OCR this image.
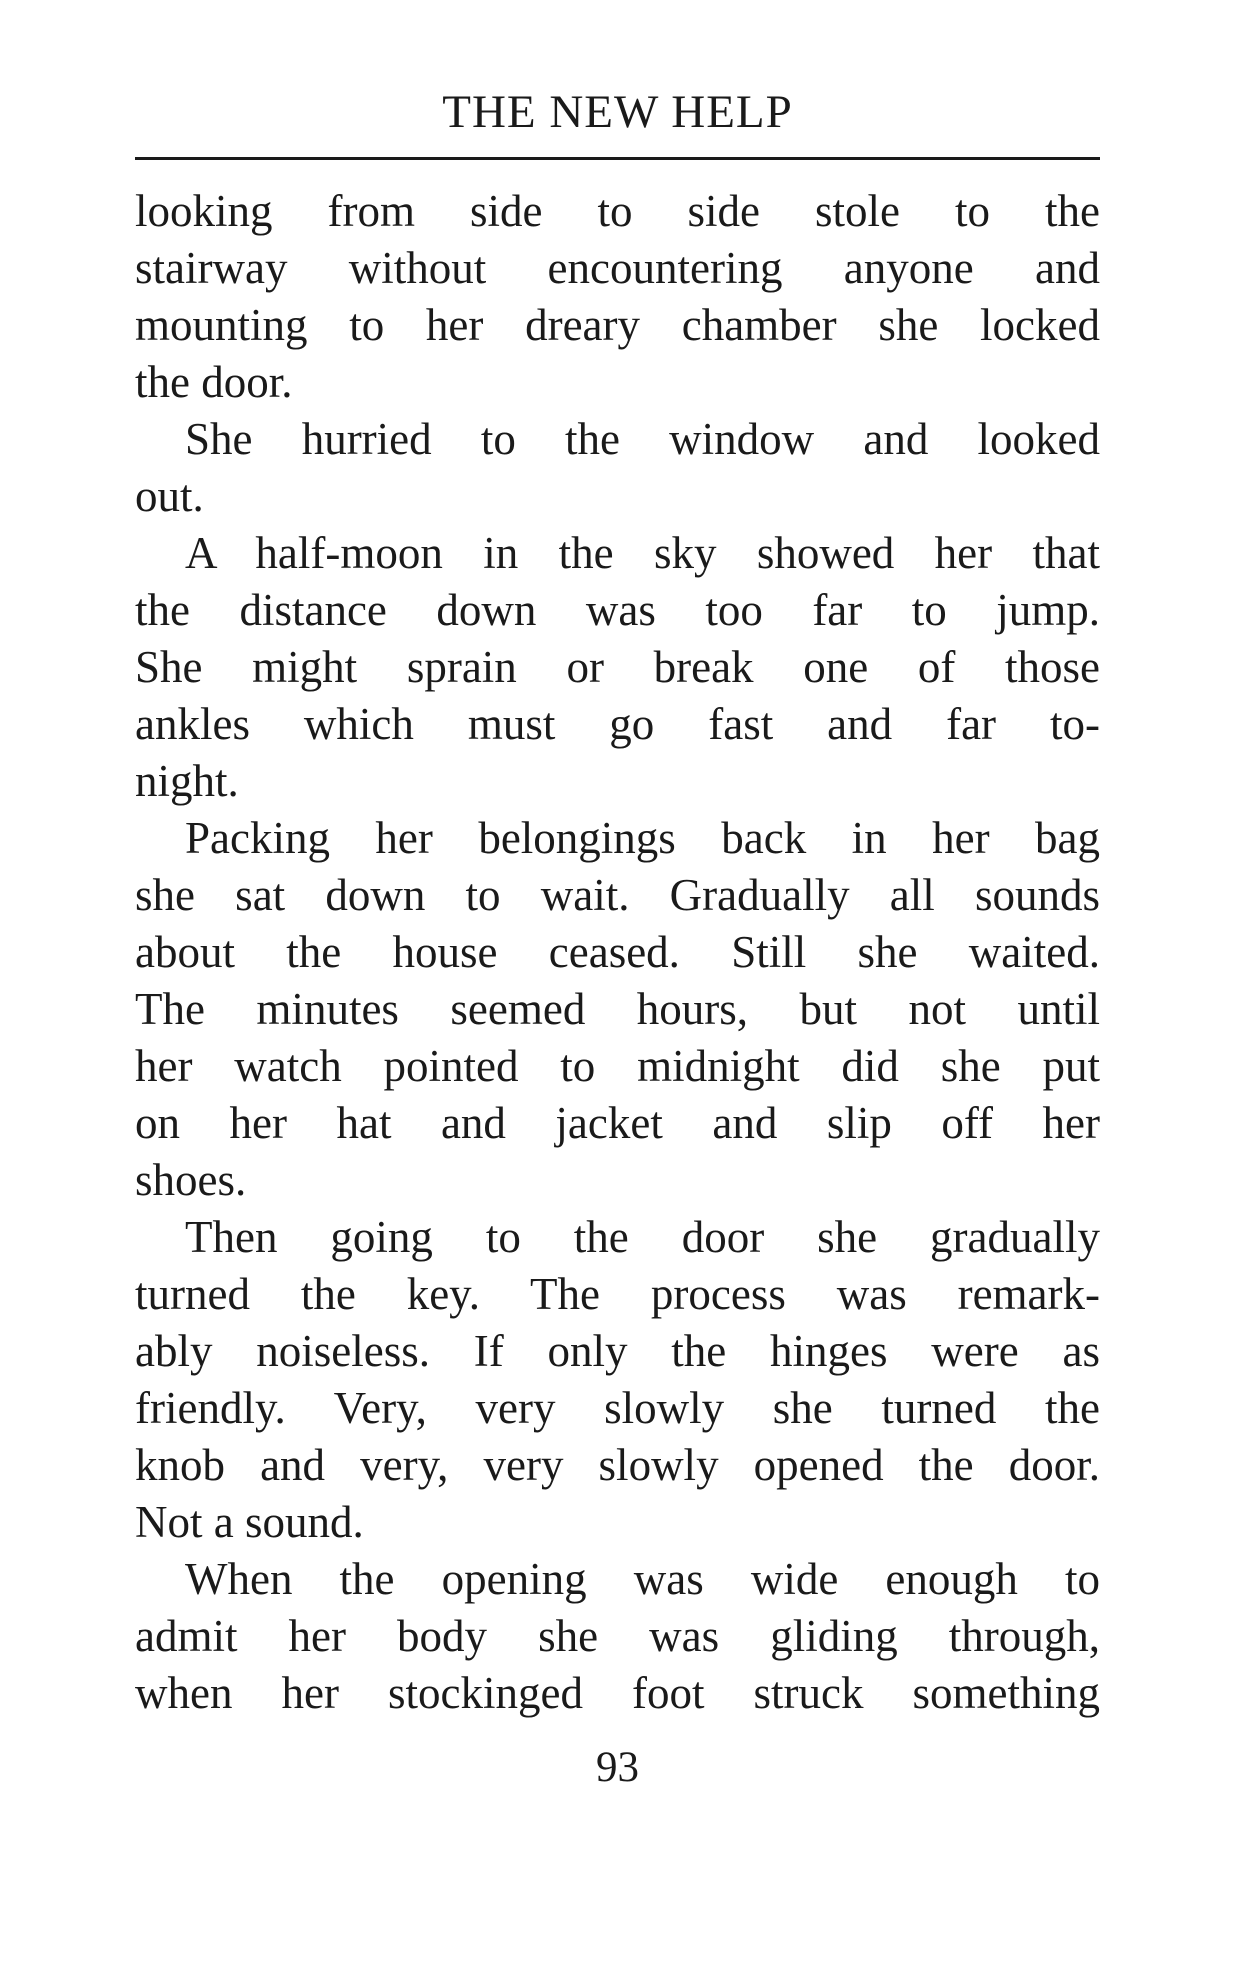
THE NEW HELP
looking from side to side stole to the
stairway without encountering anyone and
mounting to her dreary chamber she locked
the door.
She hurried to the window and looked
out.
A half-moon in the sky showed her that
the distance down was too far to jump.
She might sprain or break one of those
ankles which must go fast and far to-
night.
Packing her belongings back in her bag
she sat down to wait. Gradually all sounds
about the house ceased. Still she waited.
The minutes seemed hours, but not until
her watch pointed to midnight did she put
on her hat and jacket and slip off her
shoes.
Then going to the door she gradually
turned the key. The process was remark-
ably noiseless. If only the hinges were as
friendly. Very, very slowly she turned the
knob and very, very slowly opened the door.
Not a sound.
When the opening was wide enough to
admit her body she was gliding through,
when her stockinged foot struck something
93
